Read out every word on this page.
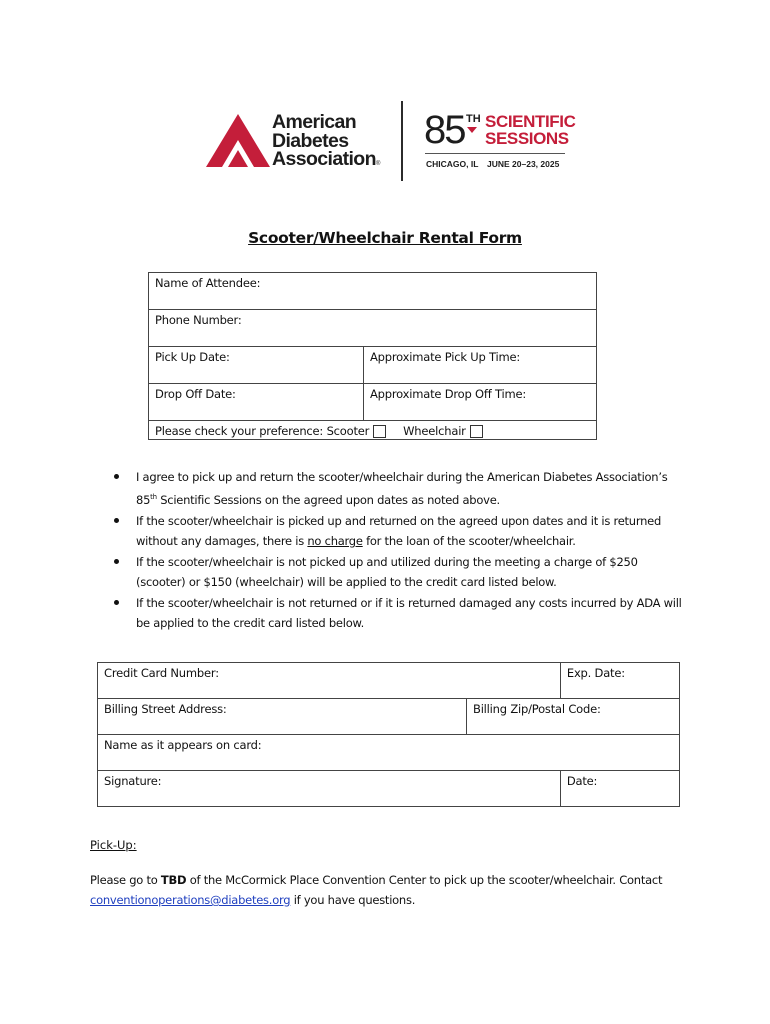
American
Diabetes
Association®
85 TH SCIENTIFIC
SESSIONS
CHICAGO, IL JUNE 20–23, 2025
Scooter/Wheelchair Rental Form
Name of Attendee:	
Phone Number:	
Pick Up Date:	Approximate Pick Up Time:
Drop Off Date:	Approximate Drop Off Time:
Please check your preference: Scooter Wheelchair	
I agree to pick up and return the scooter/wheelchair during the American Diabetes Association’s 85th Scientific Sessions on the agreed upon dates as noted above.
If the scooter/wheelchair is picked up and returned on the agreed upon dates and it is returned without any damages, there is no charge for the loan of the scooter/wheelchair.
If the scooter/wheelchair is not picked up and utilized during the meeting a charge of $250 (scooter) or $150 (wheelchair) will be applied to the credit card listed below.
If the scooter/wheelchair is not returned or if it is returned damaged any costs incurred by ADA will be applied to the credit card listed below.
Credit Card Number:		Exp. Date:
Billing Street Address:	Billing Zip/Postal Code:	
Name as it appears on card:		
Signature:		Date:
Pick-Up:
Please go to TBD of the McCormick Place Convention Center to pick up the scooter/wheelchair. Contact conventionoperations@diabetes.org if you have questions.
